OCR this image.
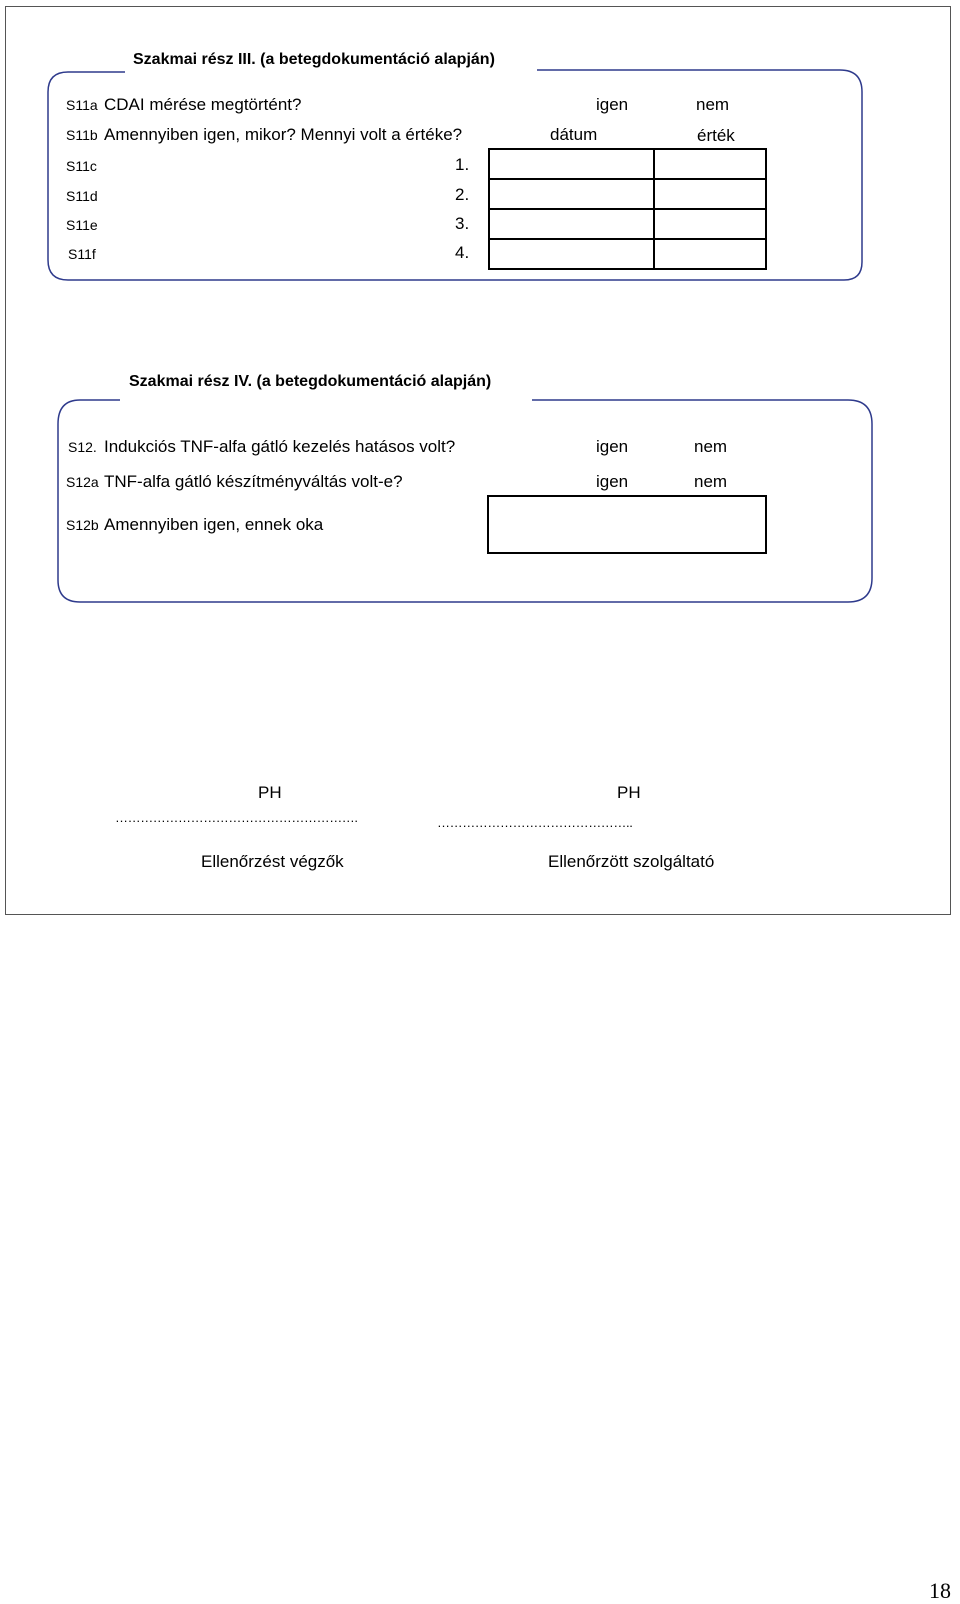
Szakmai rész III. (a betegdokumentáció alapján)
S11a CDAI mérése megtörtént?	igen	nem
S11b Amennyiben igen, mikor? Mennyi volt a értéke?	dátum	érték
S11c	1.
S11d	2.
S11e	3.
S11f	4.
Szakmai rész IV. (a betegdokumentáció alapján)
S12. Indukciós TNF-alfa gátló kezelés hatásos volt?	igen	nem
S12a TNF-alfa gátló készítményváltás volt-e?	igen	nem
S12b Amennyiben igen, ennek oka
PH	PH
………………………………………………….	………………………………………..
Ellenőrzést végzők	Ellenőrzött szolgáltató
18
